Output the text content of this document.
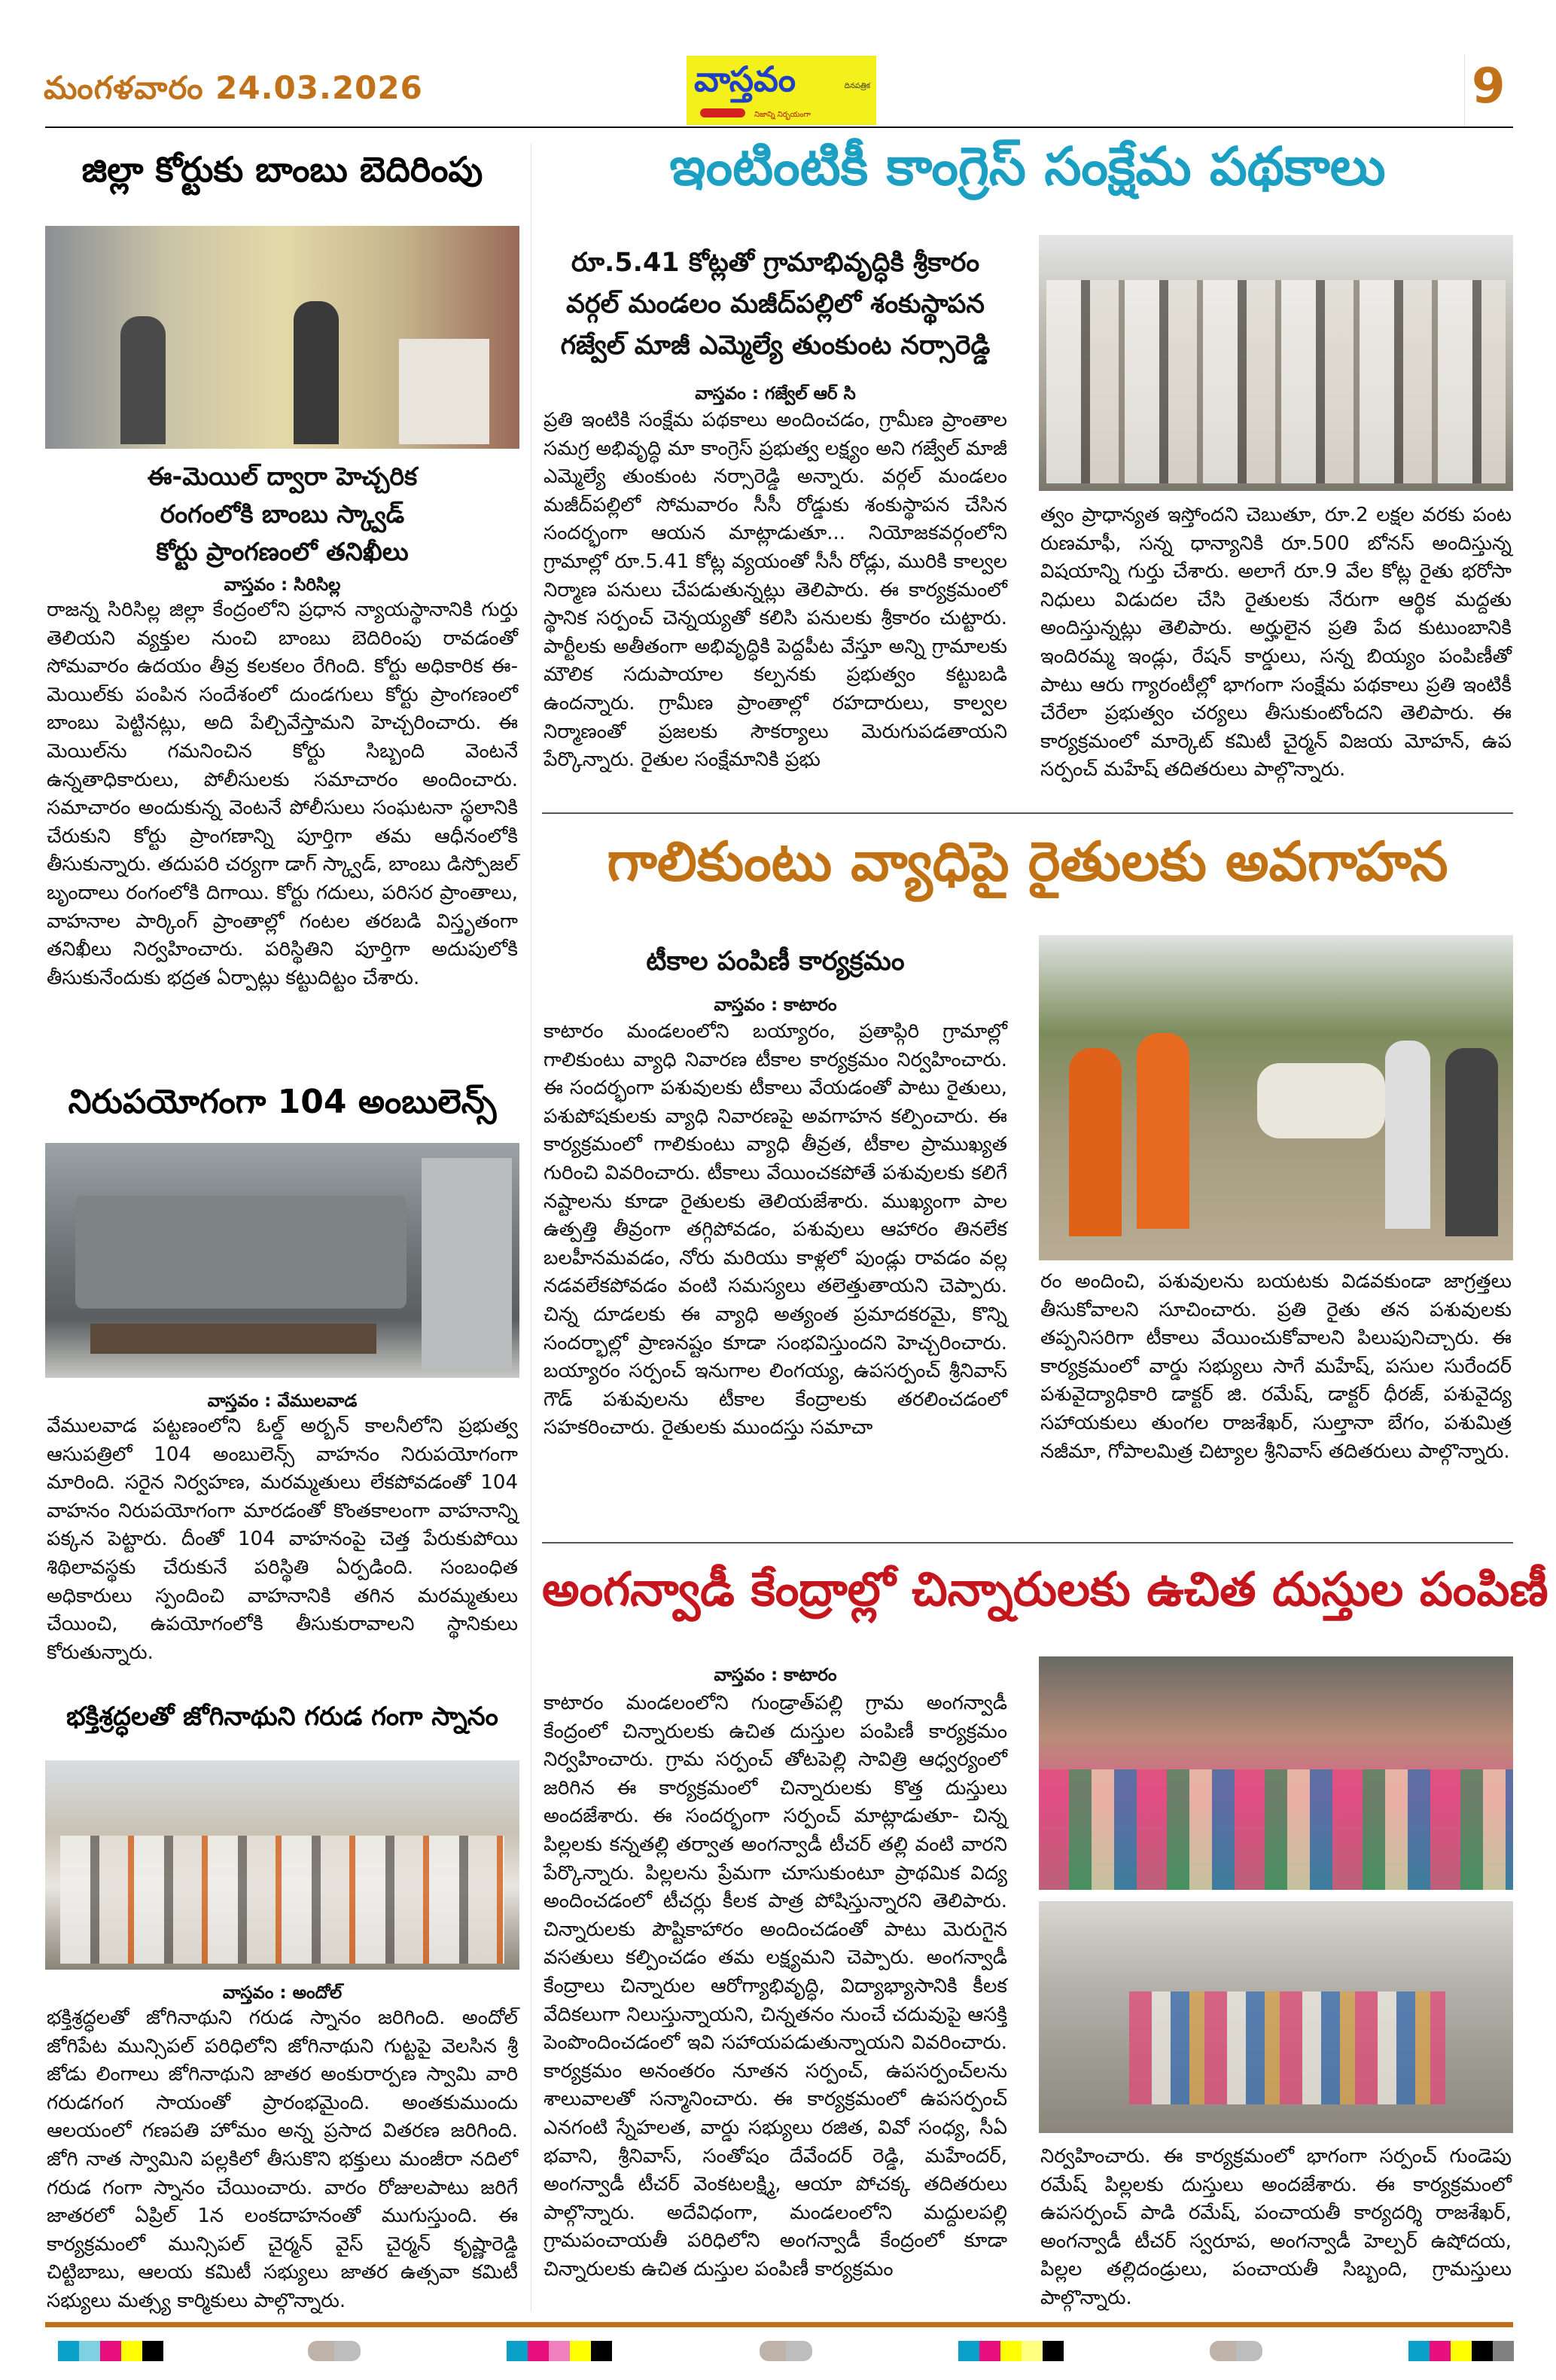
మంగళవారం 24.03.2026	వాస్తవం	దినపత్రిక
నిజాన్ని నిర్భయంగా
9
జిల్లా కోర్టుకు బాంబు బెదిరింపు
ఈ-మెయిల్ ద్వారా హెచ్చరిక
రంగంలోకి బాంబు స్క్వాడ్
కోర్టు ప్రాంగణంలో తనిఖీలు
వాస్తవం : సిరిసిల్ల
రాజన్న సిరిసిల్ల జిల్లా కేంద్రంలోని ప్రధాన న్యాయస్థానానికి గుర్తు తెలియని వ్యక్తుల నుంచి బాంబు బెదిరింపు రావడంతో సోమవారం ఉదయం తీవ్ర కలకలం రేగింది. కోర్టు అధికారిక ఈ-మెయిల్‌కు పంపిన సందేశంలో దుండగులు కోర్టు ప్రాంగణంలో బాంబు పెట్టినట్లు, అది పేల్చివేస్తామని హెచ్చరించారు. ఈ మెయిల్‌ను గమనించిన కోర్టు సిబ్బంది వెంటనే ఉన్నతాధికారులు, పోలీసులకు సమాచారం అందించారు. సమాచారం అందుకున్న వెంటనే పోలీసులు సంఘటనా స్థలానికి చేరుకుని కోర్టు ప్రాంగణాన్ని పూర్తిగా తమ ఆధీనంలోకి తీసుకున్నారు. తదుపరి చర్యగా డాగ్ స్క్వాడ్, బాంబు డిస్పోజల్ బృందాలు రంగంలోకి దిగాయి. కోర్టు గదులు, పరిసర ప్రాంతాలు, వాహనాల పార్కింగ్ ప్రాంతాల్లో గంటల తరబడి విస్తృతంగా తనిఖీలు నిర్వహించారు. పరిస్థితిని పూర్తిగా అదుపులోకి తీసుకునేందుకు భద్రత ఏర్పాట్లు కట్టుదిట్టం చేశారు.
నిరుపయోగంగా 104 అంబులెన్స్
వాస్తవం : వేములవాడ
వేములవాడ పట్టణంలోని ఓల్డ్ అర్బన్ కాలనీలోని ప్రభుత్వ ఆసుపత్రిలో 104 అంబులెన్స్ వాహనం నిరుపయోగంగా మారింది. సరైన నిర్వహణ, మరమ్మతులు లేకపోవడంతో 104 వాహనం నిరుపయోగంగా మారడంతో కొంతకాలంగా వాహనాన్ని పక్కన పెట్టారు. దీంతో 104 వాహనంపై చెత్త పేరుకుపోయి శిథిలావస్థకు చేరుకునే పరిస్థితి ఏర్పడింది. సంబంధిత అధికారులు స్పందించి వాహనానికి తగిన మరమ్మతులు చేయించి, ఉపయోగంలోకి తీసుకురావాలని స్థానికులు కోరుతున్నారు.
భక్తిశ్రద్ధలతో జోగినాథుని గరుడ గంగా స్నానం
వాస్తవం : అందోల్
భక్తిశ్రద్ధలతో జోగినాథుని గరుడ స్నానం జరిగింది. అందోల్ జోగిపేట మున్సిపల్ పరిధిలోని జోగినాథుని గుట్టపై వెలసిన శ్రీ జోడు లింగాలు జోగినాథుని జాతర అంకురార్పణ స్వామి వారి గరుడగంగ సాయంతో ప్రారంభమైంది. అంతకుముందు ఆలయంలో గణపతి హోమం అన్న ప్రసాద వితరణ జరిగింది. జోగి నాత స్వామిని పల్లకిలో తీసుకొని భక్తులు మంజీరా నదిలో గరుడ గంగా స్నానం చేయించారు. వారం రోజులపాటు జరిగే జాతరలో ఏప్రిల్ 1న లంకదాహనంతో ముగుస్తుంది. ఈ కార్యక్రమంలో మున్సిపల్ చైర్మన్ వైస్ చైర్మన్ కృష్ణారెడ్డి చిట్టిబాబు, ఆలయ కమిటీ సభ్యులు జాతర ఉత్సవా కమిటీ సభ్యులు మత్స్య కార్మికులు పాల్గొన్నారు.
ఇంటింటికీ కాంగ్రెస్ సంక్షేమ పథకాలు
రూ.5.41 కోట్లతో గ్రామాభివృద్ధికి శ్రీకారం
వర్గల్ మండలం మజీద్‌పల్లిలో శంకుస్థాపన
గజ్వేల్ మాజీ ఎమ్మెల్యే తుంకుంట నర్సారెడ్డి
వాస్తవం : గజ్వేల్ ఆర్ సి
ప్రతి ఇంటికి సంక్షేమ పథకాలు అందించడం, గ్రామీణ ప్రాంతాల సమగ్ర అభివృద్ధి మా కాంగ్రెస్ ప్రభుత్వ లక్ష్యం అని గజ్వేల్ మాజీ ఎమ్మెల్యే తుంకుంట నర్సారెడ్డి అన్నారు. వర్గల్ మండలం మజీద్‌పల్లిలో సోమవారం సీసీ రోడ్డుకు శంకుస్థాపన చేసిన సందర్భంగా ఆయన మాట్లాడుతూ... నియోజకవర్గంలోని గ్రామాల్లో రూ.5.41 కోట్ల వ్యయంతో సీసీ రోడ్లు, మురికి కాల్వల నిర్మాణ పనులు చేపడుతున్నట్లు తెలిపారు. ఈ కార్యక్రమంలో స్థానిక సర్పంచ్ చెన్నయ్యతో కలిసి పనులకు శ్రీకారం చుట్టారు. పార్టీలకు అతీతంగా అభివృద్ధికి పెద్దపీట వేస్తూ అన్ని గ్రామాలకు మౌలిక సదుపాయాల కల్పనకు ప్రభుత్వం కట్టుబడి ఉందన్నారు. గ్రామీణ ప్రాంతాల్లో రహదారులు, కాల్వల నిర్మాణంతో ప్రజలకు సౌకర్యాలు మెరుగుపడతాయని పేర్కొన్నారు. రైతుల సంక్షేమానికి ప్రభు
త్వం ప్రాధాన్యత ఇస్తోందని చెబుతూ, రూ.2 లక్షల వరకు పంట రుణమాఫీ, సన్న ధాన్యానికి రూ.500 బోనస్ అందిస్తున్న విషయాన్ని గుర్తు చేశారు. అలాగే రూ.9 వేల కోట్ల రైతు భరోసా నిధులు విడుదల చేసి రైతులకు నేరుగా ఆర్థిక మద్దతు అందిస్తున్నట్లు తెలిపారు. అర్హులైన ప్రతి పేద కుటుంబానికి ఇందిరమ్మ ఇండ్లు, రేషన్ కార్డులు, సన్న బియ్యం పంపిణీతో పాటు ఆరు గ్యారంటీల్లో భాగంగా సంక్షేమ పథకాలు ప్రతి ఇంటికీ చేరేలా ప్రభుత్వం చర్యలు తీసుకుంటోందని తెలిపారు. ఈ కార్యక్రమంలో మార్కెట్ కమిటీ చైర్మన్ విజయ మోహన్, ఉప సర్పంచ్ మహేష్ తదితరులు పాల్గొన్నారు.
గాలికుంటు వ్యాధిపై రైతులకు అవగాహన
టీకాల పంపిణీ కార్యక్రమం
వాస్తవం : కాటారం
కాటారం మండలంలోని బయ్యారం, ప్రతాప్గిరి గ్రామాల్లో గాలికుంటు వ్యాధి నివారణ టీకాల కార్యక్రమం నిర్వహించారు. ఈ సందర్భంగా పశువులకు టీకాలు వేయడంతో పాటు రైతులు, పశుపోషకులకు వ్యాధి నివారణపై అవగాహన కల్పించారు. ఈ కార్యక్రమంలో గాలికుంటు వ్యాధి తీవ్రత, టీకాల ప్రాముఖ్యత గురించి వివరించారు. టీకాలు వేయించకపోతే పశువులకు కలిగే నష్టాలను కూడా రైతులకు తెలియజేశారు. ముఖ్యంగా పాల ఉత్పత్తి తీవ్రంగా తగ్గిపోవడం, పశువులు ఆహారం తినలేక బలహీనమవడం, నోరు మరియు కాళ్లలో పుండ్లు రావడం వల్ల నడవలేకపోవడం వంటి సమస్యలు తలెత్తుతాయని చెప్పారు. చిన్న దూడలకు ఈ వ్యాధి అత్యంత ప్రమాదకరమై, కొన్ని సందర్భాల్లో ప్రాణనష్టం కూడా సంభవిస్తుందని హెచ్చరించారు. బయ్యారం సర్పంచ్ ఇనుగాల లింగయ్య, ఉపసర్పంచ్ శ్రీనివాస్ గౌడ్ పశువులను టీకాల కేంద్రాలకు తరలించడంలో సహకరించారు. రైతులకు ముందస్తు సమాచా
రం అందించి, పశువులను బయటకు విడవకుండా జాగ్రత్తలు తీసుకోవాలని సూచించారు. ప్రతి రైతు తన పశువులకు తప్పనిసరిగా టీకాలు వేయించుకోవాలని పిలుపునిచ్చారు. ఈ కార్యక్రమంలో వార్డు సభ్యులు సాగే మహేష్, పసుల సురేందర్ పశువైద్యాధికారి డాక్టర్ జి. రమేష్, డాక్టర్ ధీరజ్, పశువైద్య సహాయకులు తుంగల రాజశేఖర్, సుల్తానా బేగం, పశుమిత్ర నజీమా, గోపాలమిత్ర చిట్యాల శ్రీనివాస్ తదితరులు పాల్గొన్నారు.
అంగన్వాడీ కేంద్రాల్లో చిన్నారులకు ఉచిత దుస్తుల పంపిణీ
వాస్తవం : కాటారం
కాటారం మండలంలోని గుండ్రాత్‌పల్లి గ్రామ అంగన్వాడీ కేంద్రంలో చిన్నారులకు ఉచిత దుస్తుల పంపిణీ కార్యక్రమం నిర్వహించారు. గ్రామ సర్పంచ్ తోటపెల్లి సావిత్రి ఆధ్వర్యంలో జరిగిన ఈ కార్యక్రమంలో చిన్నారులకు కొత్త దుస్తులు అందజేశారు. ఈ సందర్భంగా సర్పంచ్ మాట్లాడుతూ- చిన్న పిల్లలకు కన్నతల్లి తర్వాత అంగన్వాడీ టీచర్ తల్లి వంటి వారని పేర్కొన్నారు. పిల్లలను ప్రేమగా చూసుకుంటూ ప్రాథమిక విద్య అందించడంలో టీచర్లు కీలక పాత్ర పోషిస్తున్నారని తెలిపారు. చిన్నారులకు పౌష్టికాహారం అందించడంతో పాటు మెరుగైన వసతులు కల్పించడం తమ లక్ష్యమని చెప్పారు. అంగన్వాడీ కేంద్రాలు చిన్నారుల ఆరోగ్యాభివృద్ధి, విద్యాభ్యాసానికి కీలక వేదికలుగా నిలుస్తున్నాయని, చిన్నతనం నుంచే చదువుపై ఆసక్తి పెంపొందించడంలో ఇవి సహాయపడుతున్నాయని వివరించారు. కార్యక్రమం అనంతరం నూతన సర్పంచ్, ఉపసర్పంచ్‌లను శాలువాలతో సన్మానించారు. ఈ కార్యక్రమంలో ఉపసర్పంచ్ ఎనగంటి స్నేహలత, వార్డు సభ్యులు రజిత, వివో సంధ్య, సీఏ భవాని, శ్రీనివాస్, సంతోషం దేవేందర్ రెడ్డి, మహేందర్, అంగన్వాడీ టీచర్ వెంకటలక్ష్మి, ఆయా పోచక్క తదితరులు పాల్గొన్నారు. అదేవిధంగా, మండలంలోని మద్దులపల్లి గ్రామపంచాయతీ పరిధిలోని అంగన్వాడీ కేంద్రంలో కూడా చిన్నారులకు ఉచిత దుస్తుల పంపిణీ కార్యక్రమం
నిర్వహించారు. ఈ కార్యక్రమంలో భాగంగా సర్పంచ్ గుండెపు రమేష్ పిల్లలకు దుస్తులు అందజేశారు. ఈ కార్యక్రమంలో ఉపసర్పంచ్ పాడి రమేష్, పంచాయతీ కార్యదర్శి రాజశేఖర్, అంగన్వాడీ టీచర్ స్వరూప, అంగన్వాడీ హెల్పర్ ఉషోదయ, పిల్లల తల్లిదండ్రులు, పంచాయతీ సిబ్బంది, గ్రామస్తులు పాల్గొన్నారు.
